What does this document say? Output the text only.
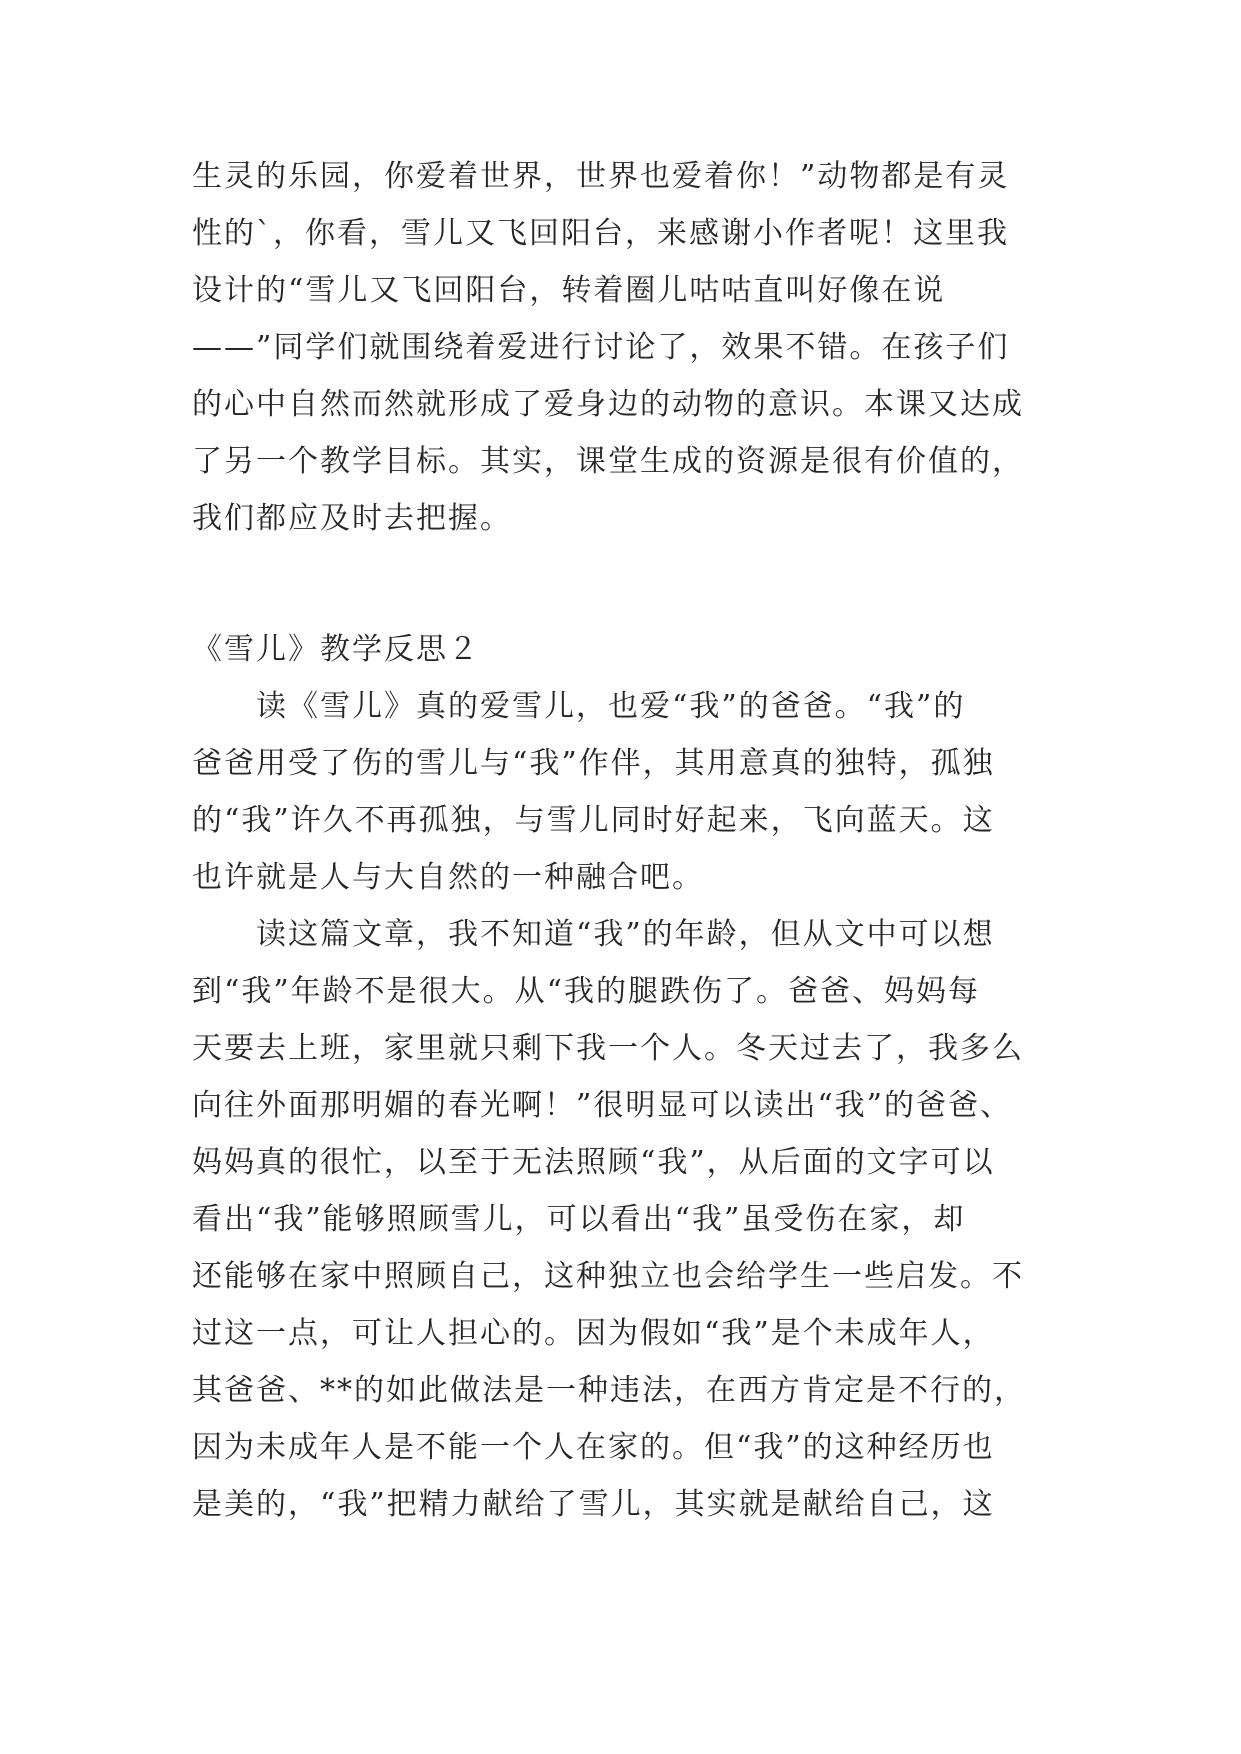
生灵的乐园，你爱着世界，世界也爱着你！”动物都是有灵
性的`，你看，雪儿又飞回阳台，来感谢小作者呢！这里我
设计的“雪儿又飞回阳台，转着圈儿咕咕直叫好像在说
——”同学们就围绕着爱进行讨论了，效果不错。在孩子们
的心中自然而然就形成了爱身边的动物的意识。本课又达成
了另一个教学目标。其实，课堂生成的资源是很有价值的，
我们都应及时去把握。
《雪儿》教学反思２
　　读《雪儿》真的爱雪儿，也爱“我”的爸爸。“我”的
爸爸用受了伤的雪儿与“我”作伴，其用意真的独特，孤独
的“我”许久不再孤独，与雪儿同时好起来，飞向蓝天。这
也许就是人与大自然的一种融合吧。
　　读这篇文章，我不知道“我”的年龄，但从文中可以想
到“我”年龄不是很大。从“我的腿跌伤了。爸爸、妈妈每
天要去上班，家里就只剩下我一个人。冬天过去了，我多么
向往外面那明媚的春光啊！”很明显可以读出“我”的爸爸、
妈妈真的很忙，以至于无法照顾“我”，从后面的文字可以
看出“我”能够照顾雪儿，可以看出“我”虽受伤在家，却
还能够在家中照顾自己，这种独立也会给学生一些启发。不
过这一点，可让人担心的。因为假如“我”是个未成年人，
其爸爸、**的如此做法是一种违法，在西方肯定是不行的，
因为未成年人是不能一个人在家的。但“我”的这种经历也
是美的，“我”把精力献给了雪儿，其实就是献给自己，这
